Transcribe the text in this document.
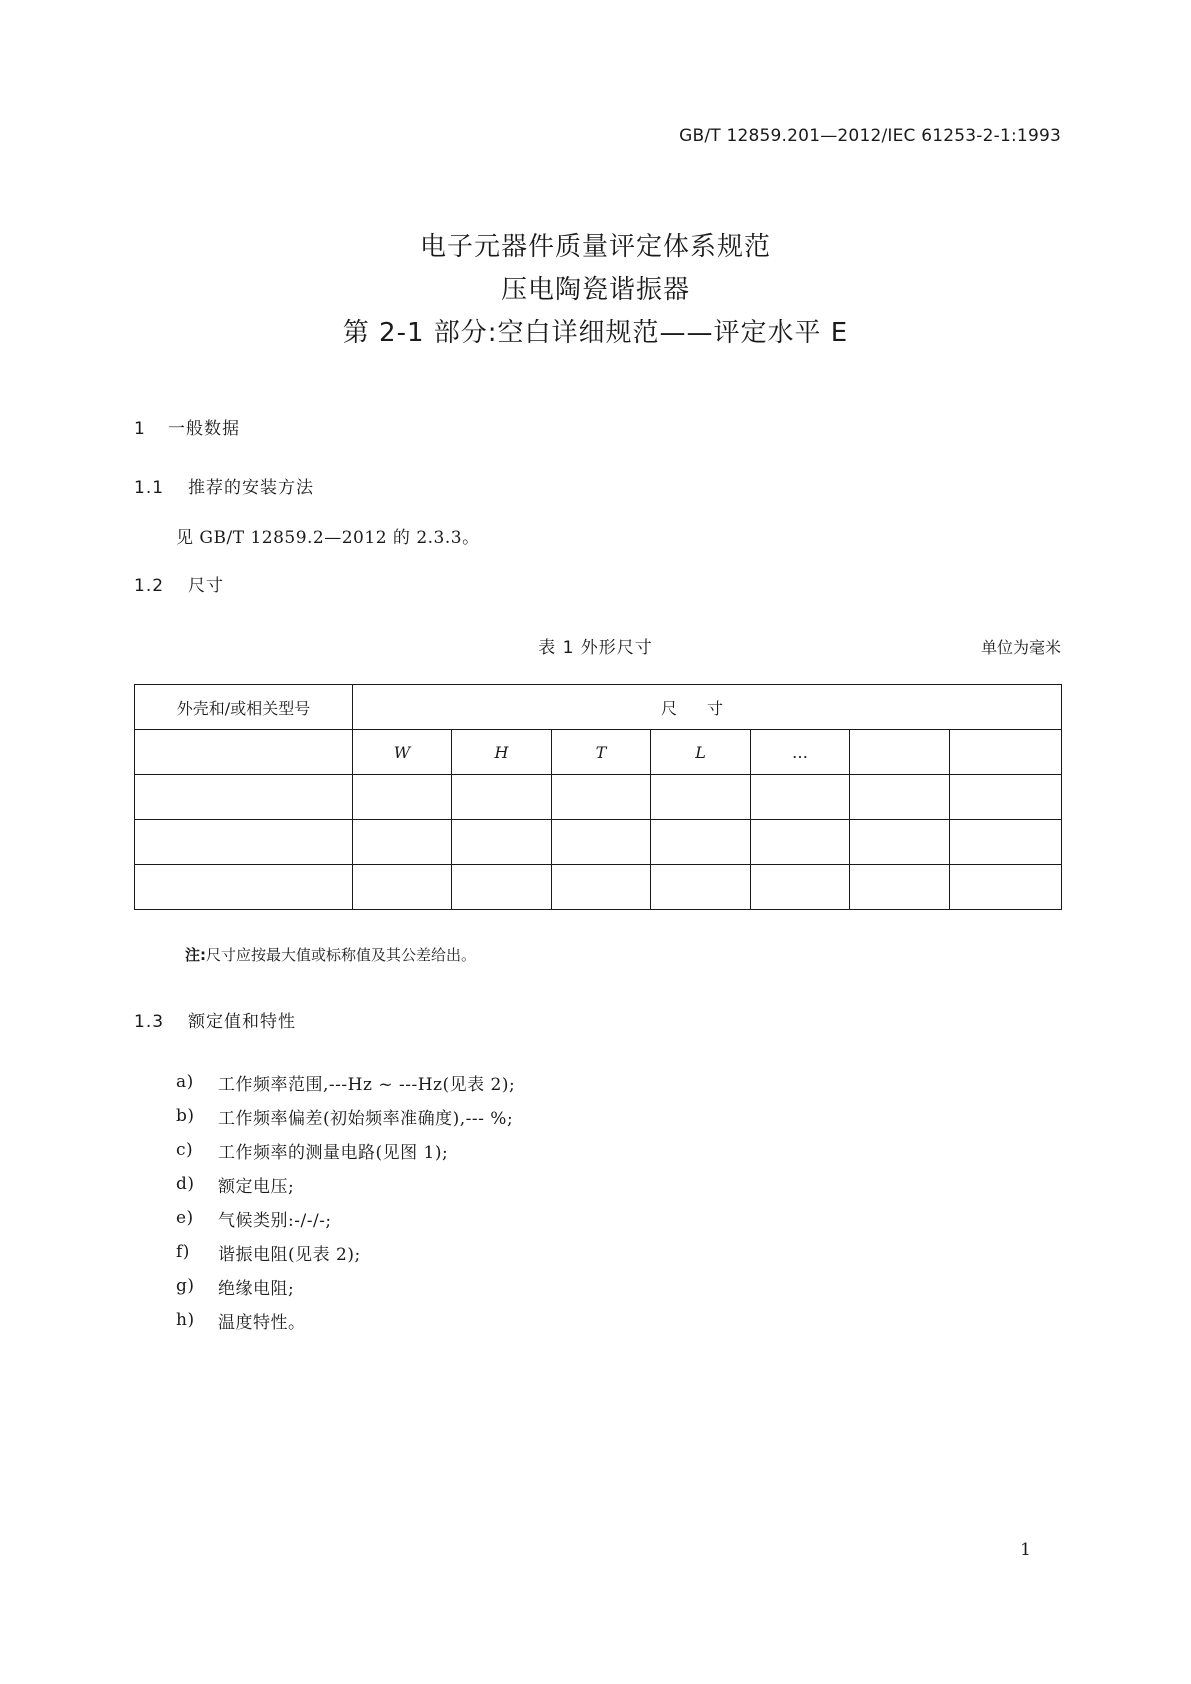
GB/T 12859.201—2012/IEC 61253-2-1:1993
电子元器件质量评定体系规范
压电陶瓷谐振器
第 2-1 部分:空白详细规范——评定水平 E
1 一般数据
1.1 推荐的安装方法
见 GB/T 12859.2—2012 的 2.3.3。
1.2 尺寸
表 1 外形尺寸	单位为毫米
外壳和/或相关型号	尺寸						
	W	H	T	L	…		

注:尺寸应按最大值或标称值及其公差给出。
1.3 额定值和特性
a)	工作频率范围,---Hz ~ ---Hz(见表 2);
b)	工作频率偏差(初始频率准确度),--- %;
c)	工作频率的测量电路(见图 1);
d)	额定电压;
e)	气候类别:-/-/-;
f)	谐振电阻(见表 2);
g)	绝缘电阻;
h)	温度特性。
1
